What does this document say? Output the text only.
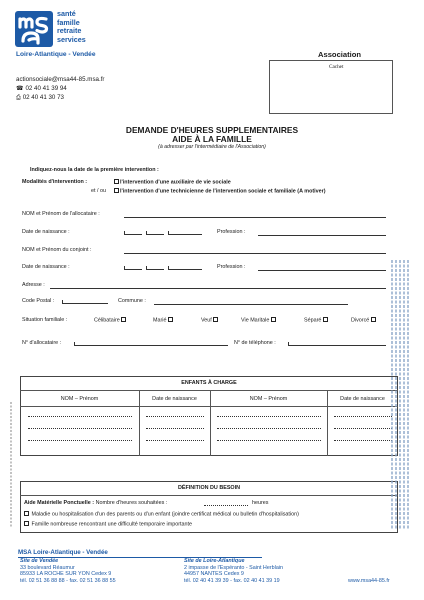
santé
famille
retraite
services
Loire-Atlantique - Vendée
actionsociale@msa44-85.msa.fr
☎ 02 40 41 39 94
⎙ 02 40 41 30 73
Association
Cachet
DEMANDE D'HEURES SUPPLEMENTAIRES
AIDE À LA FAMILLE
(à adresser par l'intermédiaire de l'Association)
Indiquez-nous la date de la première intervention :
Modalités d'intervention :	l'intervention d'une auxiliaire de vie sociale
et / ou	l'intervention d'une technicienne de l'intervention sociale et familiale (A motiver)
NOM et Prénom de l'allocataire :
Date de naissance :	Profession :
NOM et Prénom du conjoint :
Date de naissance :	Profession :
Adresse :
Code Postal :	Commune :
Situation familiale :	Célibataire	Marié	Veuf	Vie Maritale	Séparé	Divorcé
N° d'allocataire :	N° de téléphone :
ENFANTS À CHARGE
NOM – Prénom	Date de naissance	NOM – Prénom	Date de naissance
DÉFINITION DU BESOIN
Aide Matérielle Ponctuelle : Nombre d'heures souhaitées :	heures
Maladie ou hospitalisation d'un des parents ou d'un enfant (joindre certificat médical ou bulletin d'hospitalisation)
Famille nombreuse rencontrant une difficulté temporaire importante
MSA Loire-Atlantique - Vendée
Site de Vendée
33 boulevard Réaumur
85933 LA ROCHE SUR YON Cedex 9
tél. 02 51 36 88 88 - fax. 02 51 36 88 55
Site de Loire-Atlantique
2 impasse de l'Espéranto - Saint Herblain
44957 NANTES Cedex 9
tél. 02 40 41 39 39 - fax. 02 40 41 39 19	www.msa44-85.fr
